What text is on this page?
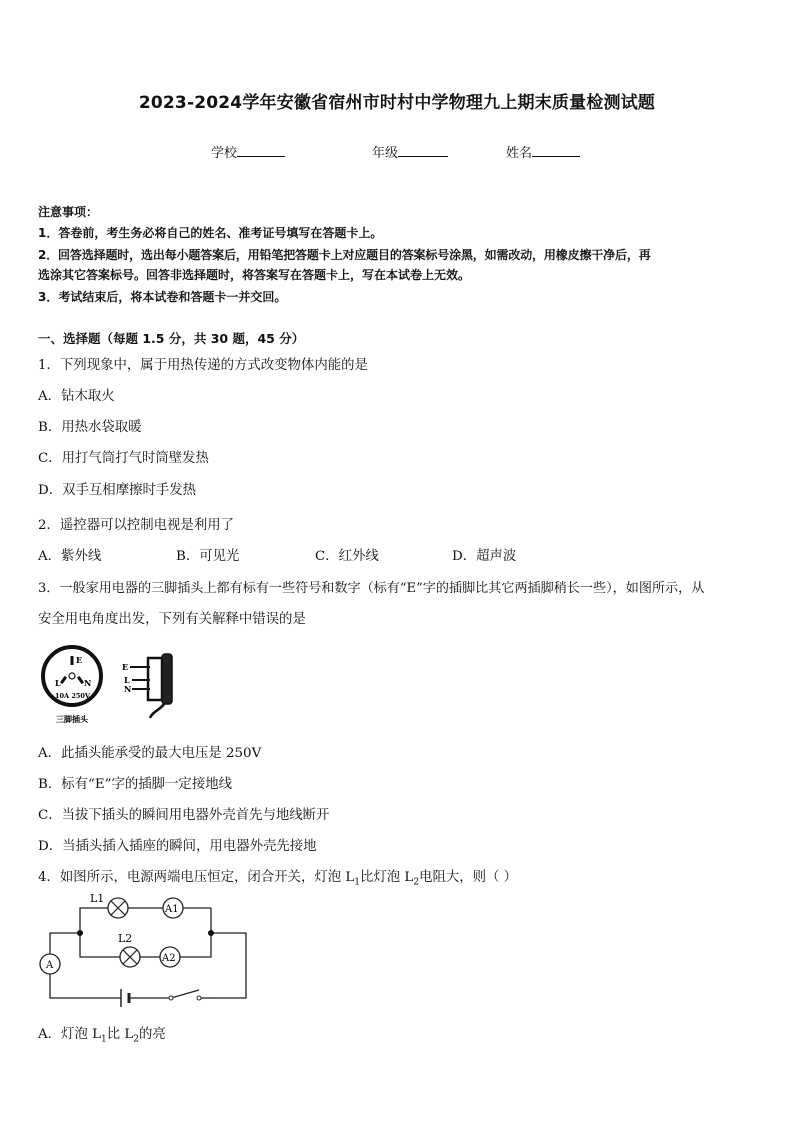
2023-2024学年安徽省宿州市时村中学物理九上期末质量检测试题
学校	年级	姓名
注意事项：
1．答卷前，考生务必将自己的姓名、准考证号填写在答题卡上。
2．回答选择题时，选出每小题答案后，用铅笔把答题卡上对应题目的答案标号涂黑，如需改动，用橡皮擦干净后，再
选涂其它答案标号。回答非选择题时，将答案写在答题卡上，写在本试卷上无效。
3．考试结束后，将本试卷和答题卡一并交回。
一、选择题（每题 1.5 分，共 30 题，45 分）
1．下列现象中，属于用热传递的方式改变物体内能的是
A．钻木取火
B．用热水袋取暖
C．用打气筒打气时筒壁发热
D．双手互相摩擦时手发热
2．遥控器可以控制电视是利用了
A．紫外线	B．可见光	C．红外线	D．超声波
3．一般家用电器的三脚插头上都有标有一些符号和数字（标有“E”字的插脚比其它两插脚稍长一些），如图所示，从
安全用电角度出发，下列有关解释中错误的是
E
L	N
10A 250V
三脚插头
E
L
N
A．此插头能承受的最大电压是 250V
B．标有“E”字的插脚一定接地线
C．当拔下插头的瞬间用电器外壳首先与地线断开
D．当插头插入插座的瞬间，用电器外壳先接地
4．如图所示，电源两端电压恒定，闭合开关，灯泡 $L_1$比灯泡 $L_2$电阻大，则（ ）
L1
A1
L2
A2
A
A．灯泡 $L_1$比 $L_2$的亮
